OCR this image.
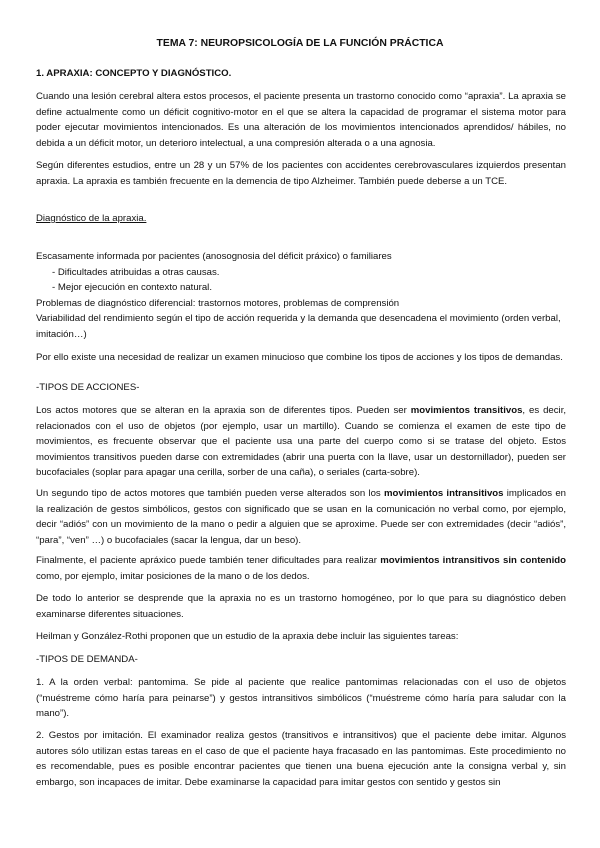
TEMA 7: NEUROPSICOLOGÍA DE LA FUNCIÓN PRÁCTICA

1. APRAXIA: CONCEPTO Y DIAGNÓSTICO.

Cuando una lesión cerebral altera estos procesos, el paciente presenta un trastorno conocido como “apraxia”. La apraxia se define actualmente como un déficit cognitivo-motor en el que se altera la capacidad de programar el sistema motor para poder ejecutar movimientos intencionados. Es una alteración de los movimientos intencionados aprendidos/ hábiles, no debida a un déficit motor, un deterioro intelectual, a una compresión alterada o a una agnosia.

Según diferentes estudios, entre un 28 y un 57% de los pacientes con accidentes cerebrovasculares izquierdos presentan apraxia. La apraxia es también frecuente en la demencia de tipo Alzheimer. También puede deberse a un TCE.

Diagnóstico de la apraxia.

Escasamente informada por pacientes (anosognosia del déficit práxico) o familiares
- Dificultades atribuidas a otras causas.
- Mejor ejecución en contexto natural.
Problemas de diagnóstico diferencial: trastornos motores, problemas de comprensión
Variabilidad del rendimiento según el tipo de acción requerida y la demanda que desencadena el movimiento (orden verbal, imitación…)

Por ello existe una necesidad de realizar un examen minucioso que combine los tipos de acciones y los tipos de demandas.

-TIPOS DE ACCIONES-

Los actos motores que se alteran en la apraxia son de diferentes tipos. Pueden ser movimientos transitivos, es decir, relacionados con el uso de objetos (por ejemplo, usar un martillo). Cuando se comienza el examen de este tipo de movimientos, es frecuente observar que el paciente usa una parte del cuerpo como si se tratase del objeto. Estos movimientos transitivos pueden darse con extremidades (abrir una puerta con la llave, usar un destornillador), pueden ser bucofaciales (soplar para apagar una cerilla, sorber de una caña), o seriales (carta-sobre).

Un segundo tipo de actos motores que también pueden verse alterados son los movimientos intransitivos implicados en la realización de gestos simbólicos, gestos con significado que se usan en la comunicación no verbal como, por ejemplo, decir “adiós” con un movimiento de la mano o pedir a alguien que se aproxime. Puede ser con extremidades (decir “adiós”, “para”, “ven” …) o bucofaciales (sacar la lengua, dar un beso).

Finalmente, el paciente apráxico puede también tener dificultades para realizar movimientos intransitivos sin contenido como, por ejemplo, imitar posiciones de la mano o de los dedos.

De todo lo anterior se desprende que la apraxia no es un trastorno homogéneo, por lo que para su diagnóstico deben examinarse diferentes situaciones.

Heilman y González-Rothi proponen que un estudio de la apraxia debe incluir las siguientes tareas:

-TIPOS DE DEMANDA-

1. A la orden verbal: pantomima. Se pide al paciente que realice pantomimas relacionadas con el uso de objetos (“muéstreme cómo haría para peinarse”) y gestos intransitivos simbólicos (“muéstreme cómo haría para saludar con la mano”).

2. Gestos por imitación. El examinador realiza gestos (transitivos e intransitivos) que el paciente debe imitar. Algunos autores sólo utilizan estas tareas en el caso de que el paciente haya fracasado en las pantomimas. Este procedimiento no es recomendable, pues es posible encontrar pacientes que tienen una buena ejecución ante la consigna verbal y, sin embargo, son incapaces de imitar. Debe examinarse la capacidad para imitar gestos con sentido y gestos sin
